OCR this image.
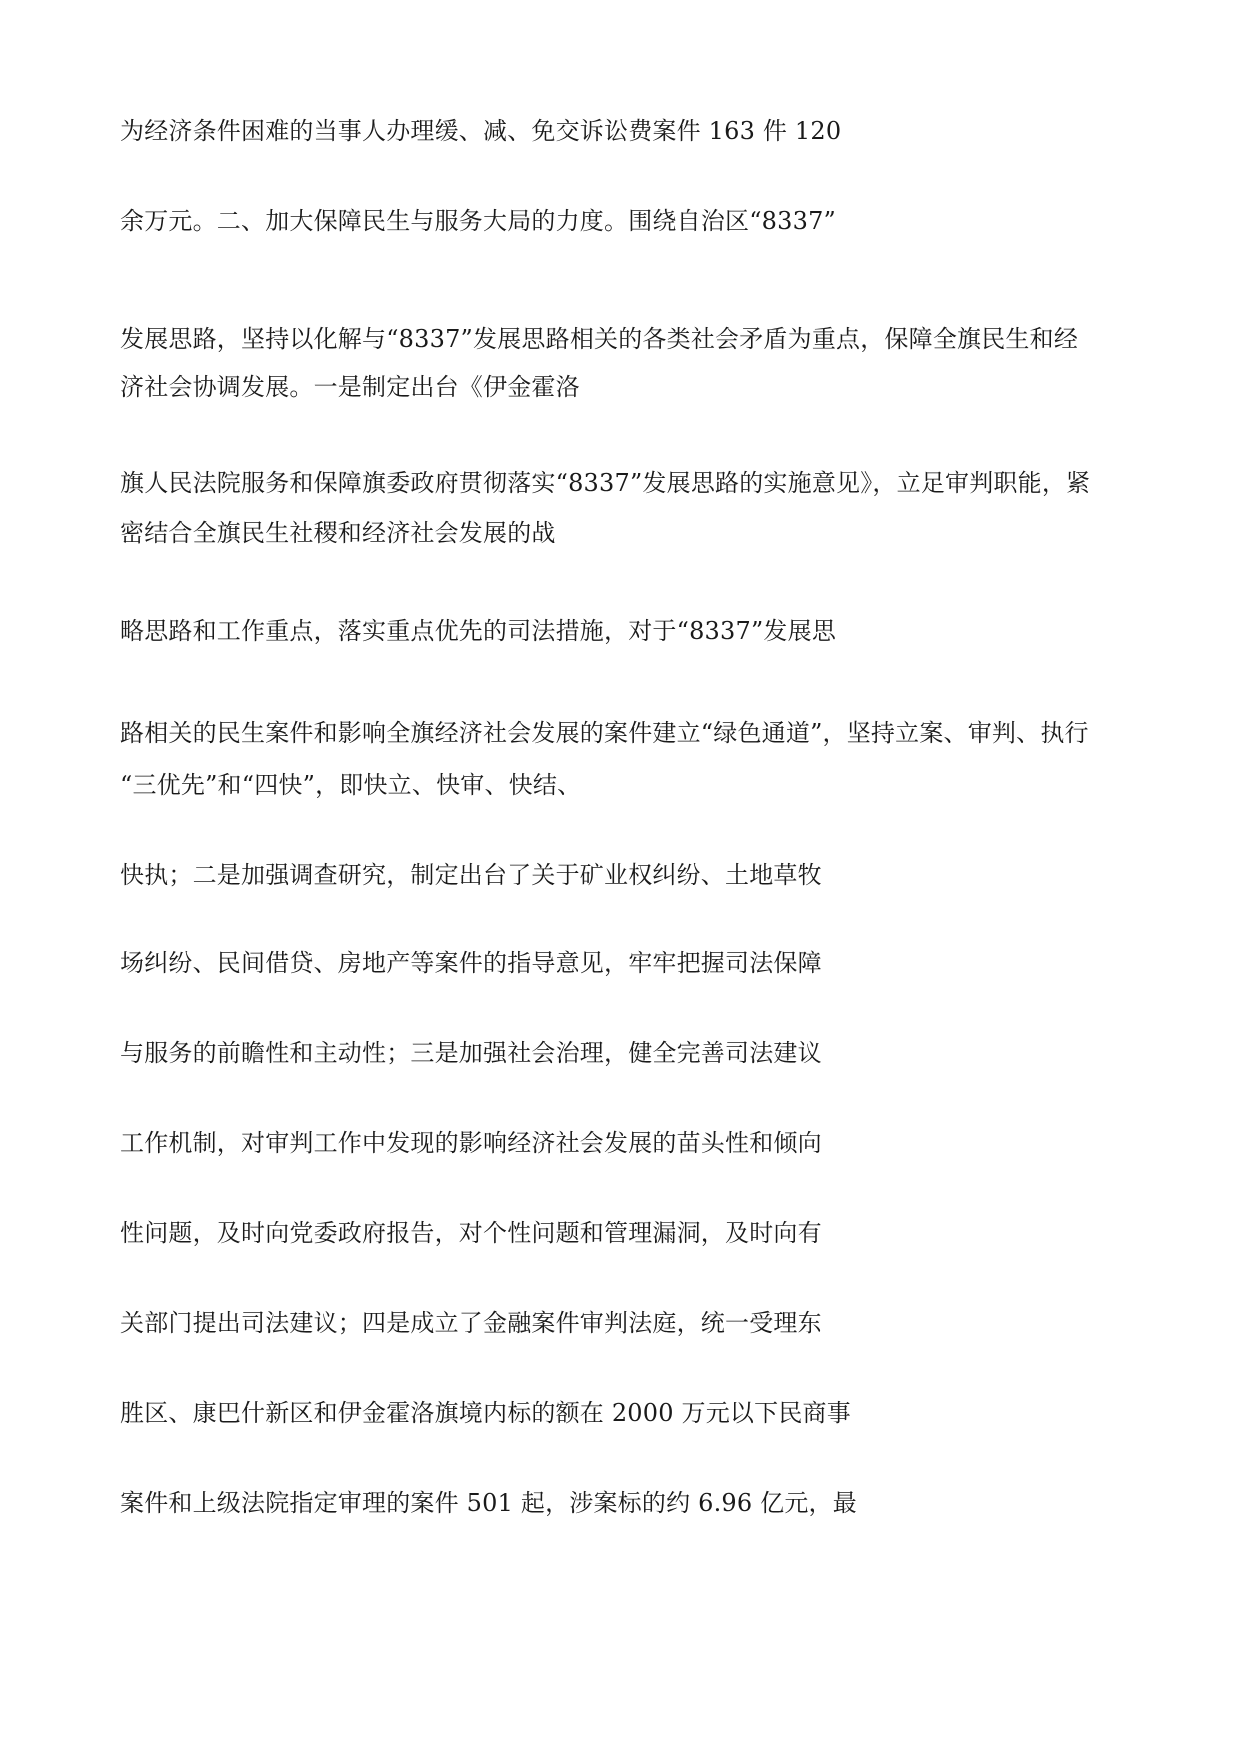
为经济条件困难的当事人办理缓、减、免交诉讼费案件 163 件 120
余万元。二、加大保障民生与服务大局的力度。围绕自治区“8337”
发展思路，坚持以化解与“8337”发展思路相关的各类社会矛盾为重点，保障全旗民生和经
济社会协调发展。一是制定出台《伊金霍洛
旗人民法院服务和保障旗委政府贯彻落实“8337”发展思路的实施意见》，立足审判职能，紧
密结合全旗民生社稷和经济社会发展的战
略思路和工作重点，落实重点优先的司法措施，对于“8337”发展思
路相关的民生案件和影响全旗经济社会发展的案件建立“绿色通道”，坚持立案、审判、执行
“三优先”和“四快”，即快立、快审、快结、
快执；二是加强调查研究，制定出台了关于矿业权纠纷、土地草牧
场纠纷、民间借贷、房地产等案件的指导意见，牢牢把握司法保障
与服务的前瞻性和主动性；三是加强社会治理，健全完善司法建议
工作机制，对审判工作中发现的影响经济社会发展的苗头性和倾向
性问题，及时向党委政府报告，对个性问题和管理漏洞，及时向有
关部门提出司法建议；四是成立了金融案件审判法庭，统一受理东
胜区、康巴什新区和伊金霍洛旗境内标的额在 2000 万元以下民商事
案件和上级法院指定审理的案件 501 起，涉案标的约 6.96 亿元，最
